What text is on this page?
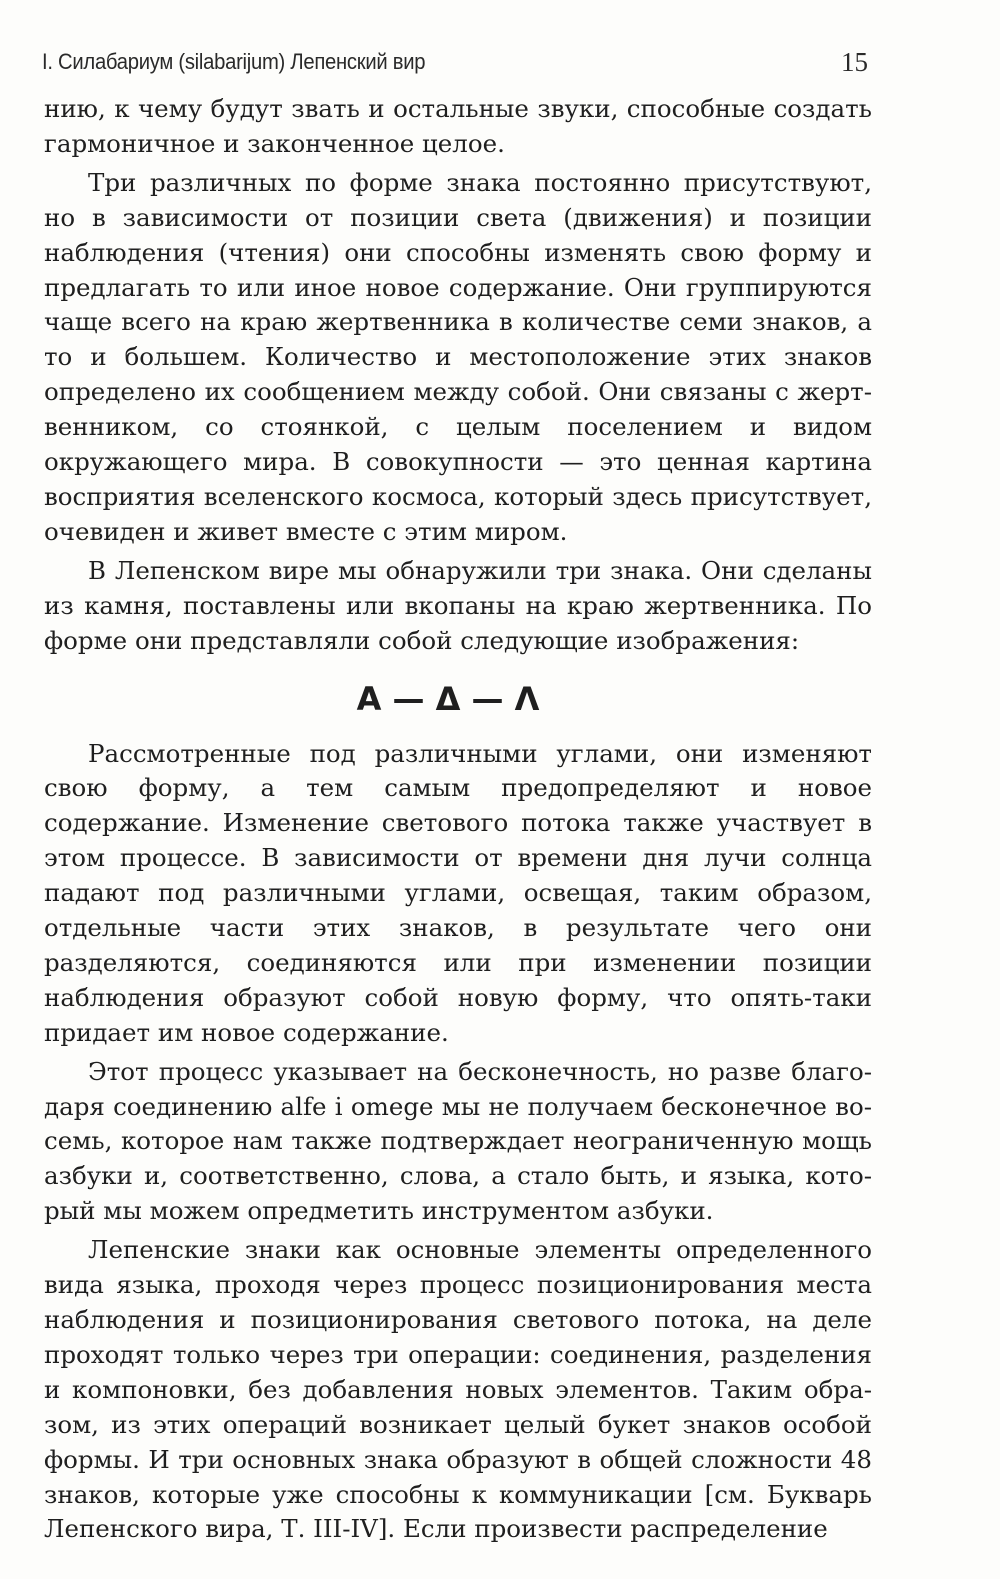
I. Силабариум (silabarijum) Лепенский вир	15

нию, к чему будут звать и остальные звуки, способные создать гармоничное и законченное целое.

Три различных по форме знака постоянно присутствуют, но в зависимости от позиции света (движения) и позиции наблюдения (чтения) они способны изменять свою форму и предлагать то или иное новое содержание. Они группируются чаще всего на краю жертвенника в количестве семи знаков, а то и большем. Количество и местоположение этих знаков определено их сообщением между собой. Они связаны с жертвенником, со стоянкой, с целым поселением и видом окружающего мира. В совокупности — это ценная картина восприятия вселенского космоса, который здесь присутствует, очевиден и живет вместе с этим миром.

В Лепенском вире мы обнаружили три знака. Они сделаны из камня, поставлены или вкопаны на краю жертвенника. По форме они представляли собой следующие изображения:

A — Δ — Λ

Рассмотренные под различными углами, они изменяют свою форму, а тем самым предопределяют и новое содержание. Изменение светового потока также участвует в этом процессе. В зависимости от времени дня лучи солнца падают под различными углами, освещая, таким образом, отдельные части этих знаков, в результате чего они разделяются, соединяются или при изменении позиции наблюдения образуют собой новую форму, что опять-таки придает им новое содержание.

Этот процесс указывает на бесконечность, но разве благодаря соединению alfe i omege мы не получаем бесконечное восемь, которое нам также подтверждает неограниченную мощь азбуки и, соответственно, слова, а стало быть, и языка, который мы можем опредметить инструментом азбуки.

Лепенские знаки как основные элементы определенного вида языка, проходя через процесс позиционирования места наблюдения и позиционирования светового потока, на деле проходят только через три операции: соединения, разделения и компоновки, без добавления новых элементов. Таким образом, из этих операций возникает целый букет знаков особой формы. И три основных знака образуют в общей сложности 48 знаков, которые уже способны к коммуникации [см. Букварь Лепенского вира, Т. III-IV]. Если произвести распределение
